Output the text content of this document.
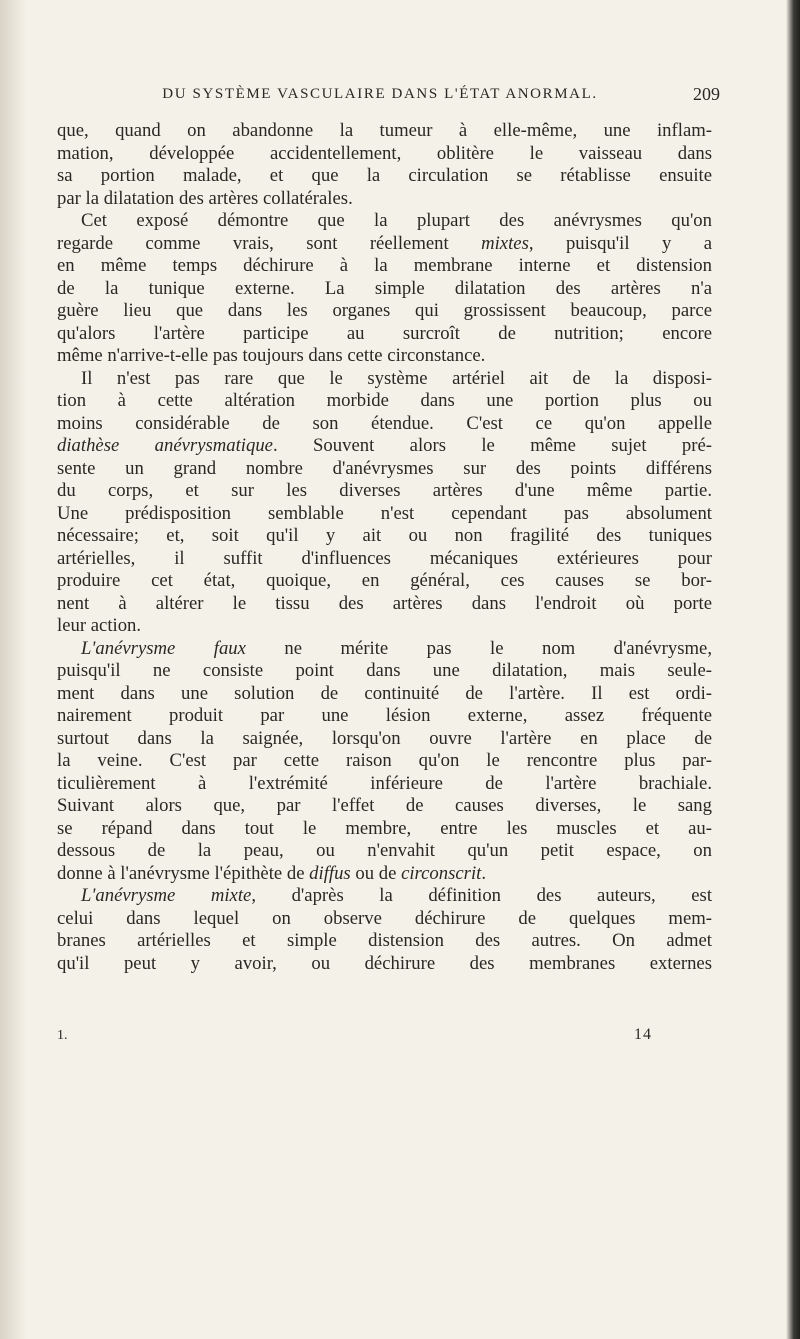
DU SYSTÈME VASCULAIRE DANS L'ÉTAT ANORMAL.	209

que, quand on abandonne la tumeur à elle-même, une inflam-
mation, développée accidentellement, oblitère le vaisseau dans
sa portion malade, et que la circulation se rétablisse ensuite
par la dilatation des artères collatérales.

Cet exposé démontre que la plupart des anévrysmes qu'on
regarde comme vrais, sont réellement mixtes, puisqu'il y a
en même temps déchirure à la membrane interne et distension
de la tunique externe. La simple dilatation des artères n'a
guère lieu que dans les organes qui grossissent beaucoup, parce
qu'alors l'artère participe au surcroît de nutrition; encore
même n'arrive-t-elle pas toujours dans cette circonstance.

Il n'est pas rare que le système artériel ait de la disposi-
tion à cette altération morbide dans une portion plus ou
moins considérable de son étendue. C'est ce qu'on appelle
diathèse anévrysmatique. Souvent alors le même sujet pré-
sente un grand nombre d'anévrysmes sur des points différens
du corps, et sur les diverses artères d'une même partie.
Une prédisposition semblable n'est cependant pas absolument
nécessaire; et, soit qu'il y ait ou non fragilité des tuniques
artérielles, il suffit d'influences mécaniques extérieures pour
produire cet état, quoique, en général, ces causes se bor-
nent à altérer le tissu des artères dans l'endroit où porte
leur action.

L'anévrysme faux ne mérite pas le nom d'anévrysme,
puisqu'il ne consiste point dans une dilatation, mais seule-
ment dans une solution de continuité de l'artère. Il est ordi-
nairement produit par une lésion externe, assez fréquente
surtout dans la saignée, lorsqu'on ouvre l'artère en place de
la veine. C'est par cette raison qu'on le rencontre plus par-
ticulièrement à l'extrémité inférieure de l'artère brachiale.
Suivant alors que, par l'effet de causes diverses, le sang
se répand dans tout le membre, entre les muscles et au-
dessous de la peau, ou n'envahit qu'un petit espace, on
donne à l'anévrysme l'épithète de diffus ou de circonscrit.

L'anévrysme mixte, d'après la définition des auteurs, est
celui dans lequel on observe déchirure de quelques mem-
branes artérielles et simple distension des autres. On admet
qu'il peut y avoir, ou déchirure des membranes externes

1.	14
